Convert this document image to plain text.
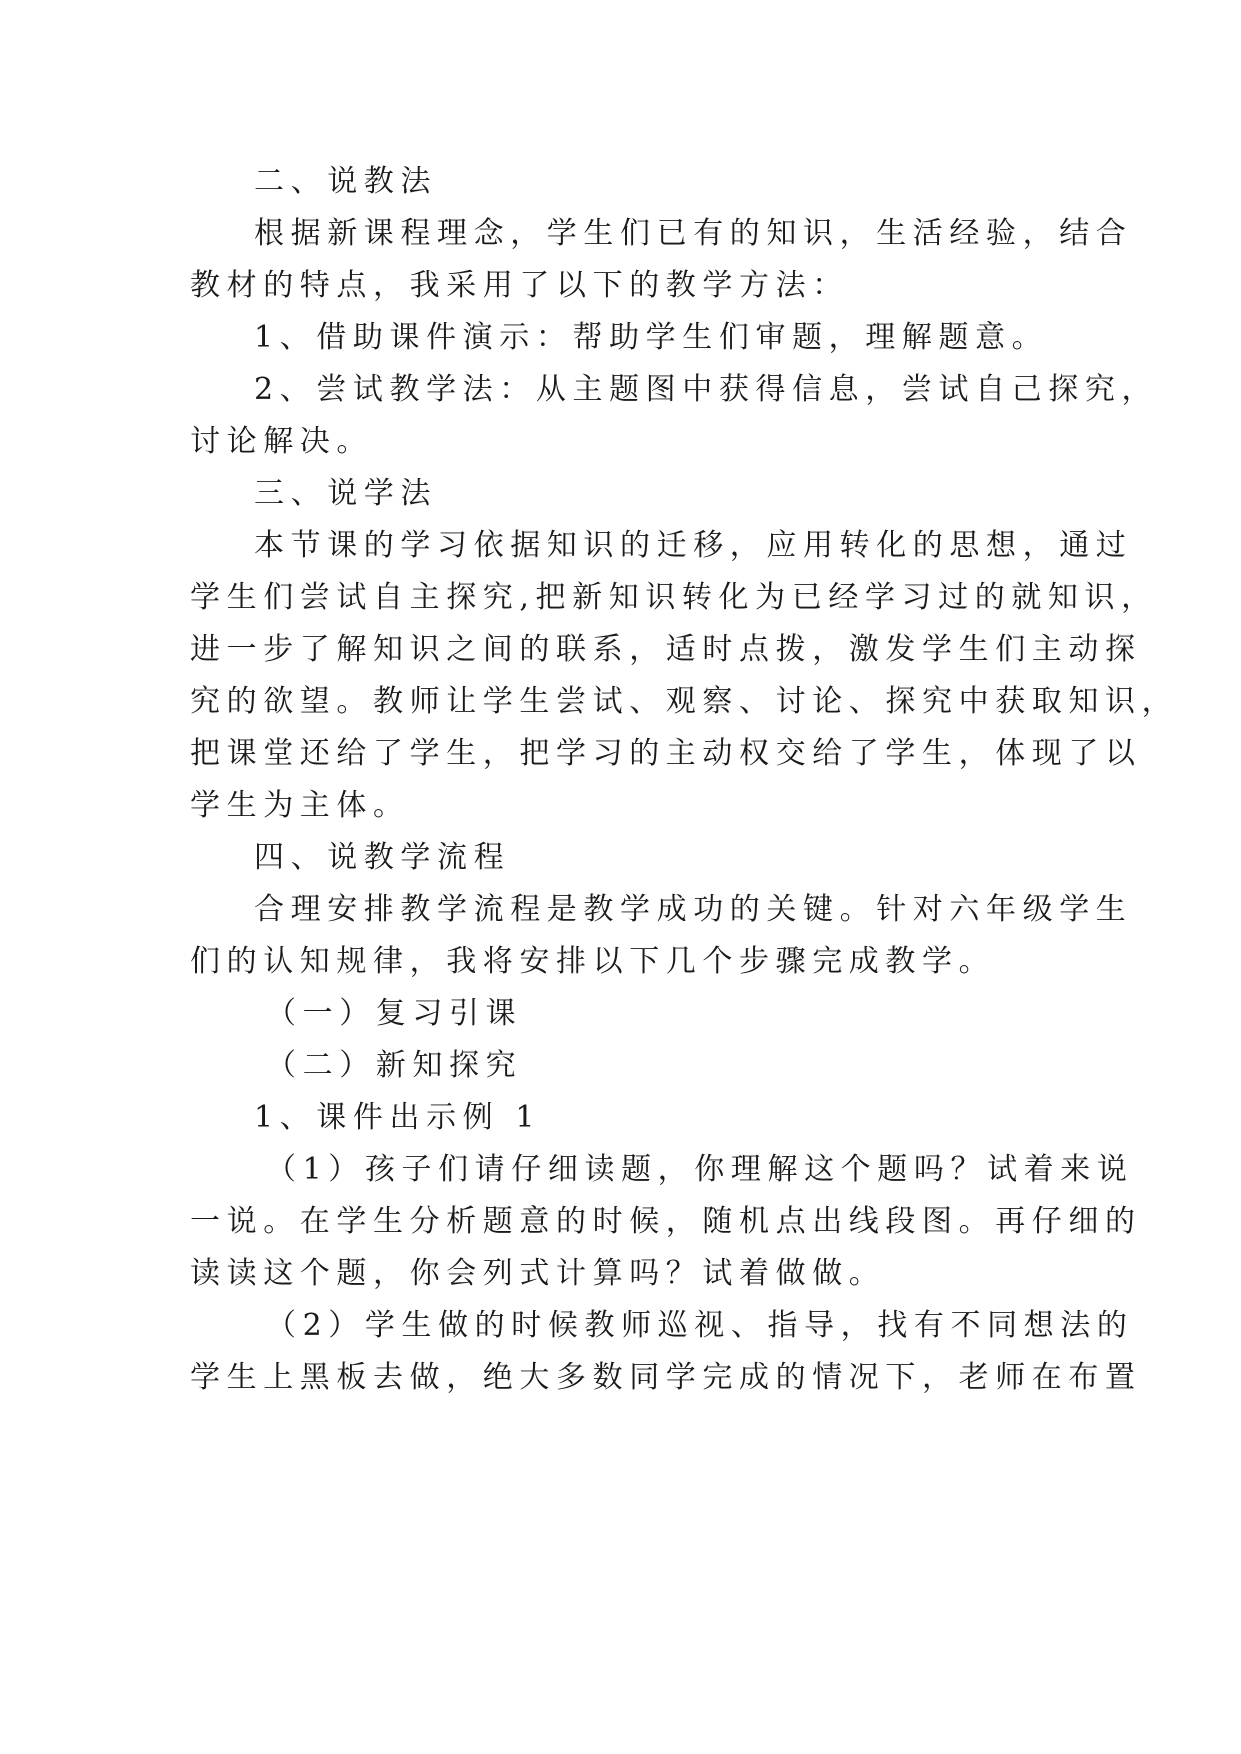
二、说教法
根据新课程理念，学生们已有的知识，生活经验，结合
教材的特点，我采用了以下的教学方法：
1、借助课件演示：帮助学生们审题，理解题意。
2、尝试教学法：从主题图中获得信息，尝试自己探究，
讨论解决。
三、说学法
本节课的学习依据知识的迁移，应用转化的思想，通过
学生们尝试自主探究,把新知识转化为已经学习过的就知识，
进一步了解知识之间的联系，适时点拨，激发学生们主动探
究的欲望。教师让学生尝试、观察、讨论、探究中获取知识，
把课堂还给了学生，把学习的主动权交给了学生，体现了以
学生为主体。
四、说教学流程
合理安排教学流程是教学成功的关键。针对六年级学生
们的认知规律，我将安排以下几个步骤完成教学。
（一）复习引课
（二）新知探究
1、课件出示例 1
（1）孩子们请仔细读题，你理解这个题吗？试着来说
一说。在学生分析题意的时候，随机点出线段图。再仔细的
读读这个题，你会列式计算吗？试着做做。
（2）学生做的时候教师巡视、指导，找有不同想法的
学生上黑板去做，绝大多数同学完成的情况下，老师在布置
